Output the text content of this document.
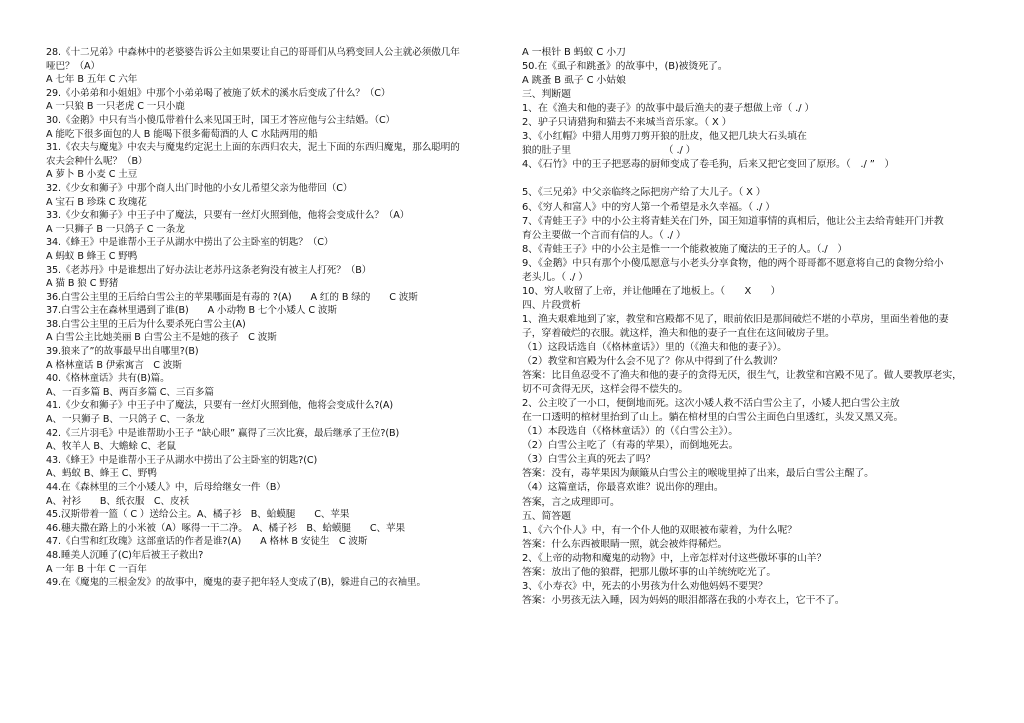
28.《十二兄弟》中森林中的老婆婆告诉公主如果要让自己的哥哥们从乌鸦变回人公主就必须傲几年
哑巴？（A）
A 七年 B 五年 C 六年
29.《小弟弟和小姐姐》中那个小弟弟喝了被施了妖术的溪水后变成了什么？（C）
A 一只狼 B 一只老虎 C 一只小鹿
30.《金鹅》中只有当小傻瓜带着什么来见国王时，国王才答应他与公主结婚。（C）
A 能吃下很多面包的人 B 能喝下很多葡萄酒的人 C 水陆两用的船
31.《农夫与魔鬼》中农夫与魔鬼约定泥土上面的东西归农夫，泥土下面的东西归魔鬼，那么聪明的
农夫会种什么呢？（B）
A 萝卜 B 小麦 C 土豆
32.《少女和狮子》中那个商人出门时他的小女儿希望父亲为他带回（C）
A 宝石 B 珍珠 C 玫瑰花
33.《少女和狮子》中王子中了魔法，只要有一丝灯火照到他，他将会变成什么？（A）
A 一只狮子 B 一只鸽子 C 一条龙
34.《蜂王》中是谁帮小王子从湖水中捞出了公主卧室的钥匙？（C）
A 蚂蚁 B 蜂王 C 野鸭
35.《老苏丹》中是谁想出了好办法让老苏丹这条老狗没有被主人打死？（B）
A 猫 B 狼 C 野猪
36.白雪公主里的王后给白雪公主的苹果哪面是有毒的 ?(A)　　A 红的 B 绿的　　C 波斯
37.白雪公主在森林里遇到了谁(B)　　A 小动物 B 七个小矮人 C 波斯
38.白雪公主里的王后为什么要杀死白雪公主(A)
A 白雪公主比她美丽 B 白雪公主不是她的孩子　C 波斯
39.狼来了”的故事最早出自哪里?(B)
A 格林童话 B 伊索寓言　C 波斯
40.《格林童话》共有(B)篇。
A、一百多篇 B、两百多篇 C、三百多篇
41.《少女和狮子》中王子中了魔法，只要有一丝灯火照到他，他将会变成什么?(A)
A、一只狮子 B、一只鸽子 C、一条龙
42.《三片羽毛》中是谁帮助小王子 “缺心眼” 赢得了三次比赛，最后继承了王位?(B)
A、牧羊人 B、大蟾蜍 C、老鼠
43.《蜂王》中是谁帮小王子从湖水中捞出了公主卧室的钥匙?(C)
A、蚂蚁 B、蜂王 C、野鸭
44.在《森林里的三个小矮人》中，后母给继女一件（B）
A、衬衫　　B、纸衣服　C、皮袄
45.汉斯带着一篮（ C ）送给公主。A、橘子衫　B、蛤蟆腿　　C、苹果
46.穗夫撒在路上的小米被（A）啄得一干二净。　A、橘子衫　B、蛤蟆腿　　C、苹果
47.《白雪和红玫瑰》这部童话的作者是谁?(A)　　A 格林 B 安徒生　C 波斯
48.睡美人沉睡了(C)年后被王子救出?
A 一年 B 十年 C 一百年
49.在《魔鬼的三根金发》的故事中，魔鬼的妻子把年轻人变成了(B)，躲进自己的衣袖里。
A 一根针 B 蚂蚁 C 小刀
50.在《虱子和跳蚤》的故事中，(B)被烫死了。
A 跳蚤 B 虱子 C 小姑娘
三、判断题
1、在《渔夫和他的妻子》的故事中最后渔夫的妻子想做上帝（ ./ ）
2、驴子只请猎狗和猫去不来城当音乐家。（ X ）
3、《小红帽》中猎人用剪刀剪开狼的肚皮，他又把几块大石头填在
狼的肚子里　　　　　　　　　　（ ./ ）
4、《石竹》中的王子把恶毒的厨师变成了卷毛狗，后来又把它变回了原形。（　./ ”　）

5、《三兄弟》中父亲临终之际把房产给了大儿子。（ X ）
6、《穷人和富人》中的穷人第一个希望是永久幸福。（ ./ ）
7、《青蛙王子》中的小公主将青蛙关在门外，国王知道事情的真相后，他让公主去给青蛙开门并教
育公主要做一个言而有信的人。（ ./ ）
8、《青蛙王子》中的小公主是惟一一个能救被施了魔法的王子的人。（./　）
9、《金鹅》中只有那个小傻瓜愿意与小老头分享食物，他的两个哥哥都不愿意将自己的食物分给小
老头儿。（ ./ ）
10、穷人收留了上帝，并让他睡在了地板上。（　　X　　）
四、片段赏析
1、渔夫艰难地到了家，教堂和宫殿都不见了，眼前依旧是那间破烂不堪的小草房，里面坐着他的妻
子，穿着破烂的衣服。就这样，渔夫和他的妻子一直住在这间破房子里。
（1）这段话选自（《格林童话》）里的（《渔夫和他的妻子》）。
（2）教堂和宫殿为什么会不见了？你从中得到了什么教训？
答案：比目鱼忍受不了渔夫和他的妻子的贪得无厌，很生气，让教堂和宫殿不见了。做人要教厚老实，
切不可贪得无厌，这样会得不偿失的。
2、公主咬了一小口，便倒地而死。这次小矮人救不活白雪公主了，小矮人把白雪公主放
在一口透明的棺材里抬到了山上。躺在棺材里的白雪公主面色白里透红，头发又黑又亮。
（1）本段选自（《格林童话》）的（《白雪公主》）。
（2）白雪公主吃了（有毒的苹果），而倒地死去。
（3）白雪公主真的死去了吗？
答案：没有，毒苹果因为颠簸从白雪公主的喉咙里掉了出来，最后白雪公主醒了。
（4）这篇童话，你最喜欢谁？说出你的理由。
答案，言之成理即可。
五、简答题
1、《六个仆人》中，有一个仆人他的双眼被布蒙着，为什么呢？
答案：什么东西被眼睛一照，就会被炸得稀烂。
2、《上帝的动物和魔鬼的动物》中，上帝怎样对付这些傲坏事的山羊？
答案：放出了他的狼群，把那儿傲坏事的山羊统统吃光了。
3、《小寿衣》中，死去的小男孩为什么劝他妈妈不要哭？
答案：小男孩无法入睡，因为妈妈的眼泪都落在我的小寿衣上，它干不了。
